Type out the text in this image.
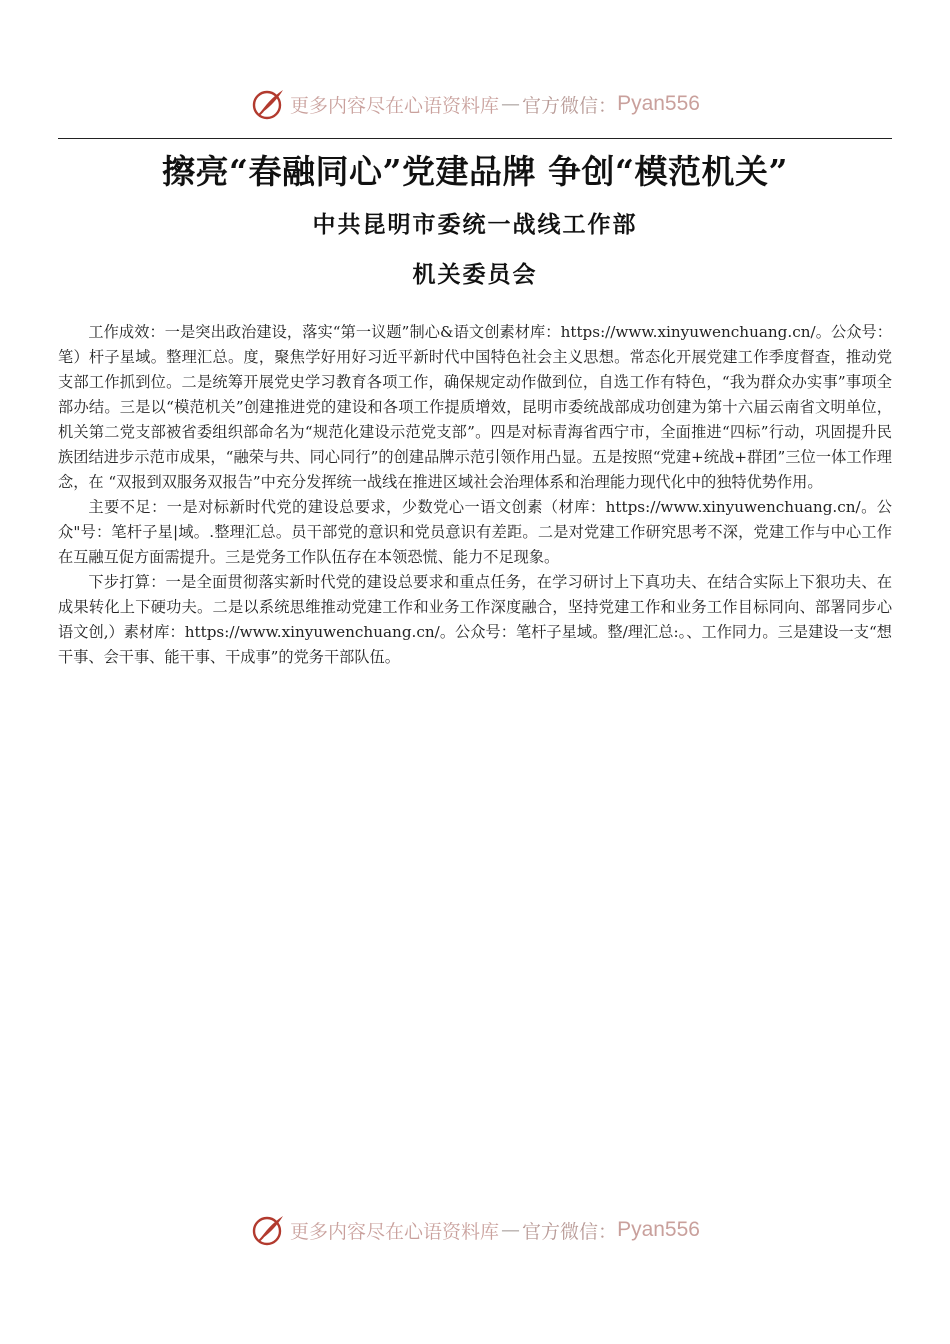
更多内容尽在心语资料库 — 官方微信： Pyan556
擦亮“春融同心”党建品牌 争创“模范机关”
中共昆明市委统一战线工作部
机关委员会

工作成效：一是突出政治建设，落实“第一议题”制心&语文创素材库：https://www.xinyuwenchuang.cn/。公众号：笔）杆子星域。整理汇总。度，聚焦学好用好习近平新时代中国特色社会主义思想。常态化开展党建工作季度督查，推动党支部工作抓到位。二是统筹开展党史学习教育各项工作，确保规定动作做到位，自选工作有特色，“我为群众办实事”事项全部办结。三是以“模范机关”创建推进党的建设和各项工作提质增效，昆明市委统战部成功创建为第十六届云南省文明单位，机关第二党支部被省委组织部命名为“规范化建设示范党支部”。四是对标青海省西宁市，全面推进“四标”行动，巩固提升民族团结进步示范市成果，“融荣与共、同心同行”的创建品牌示范引领作用凸显。五是按照“党建+统战+群团”三位一体工作理念，在 “双报到双服务双报告”中充分发挥统一战线在推进区域社会治理体系和治理能力现代化中的独特优势作用。

主要不足：一是对标新时代党的建设总要求，少数党心一语文创素（材库：https://www.xinyuwenchuang.cn/。公众"号：笔杆子星|域。.整理汇总。员干部党的意识和党员意识有差距。二是对党建工作研究思考不深，党建工作与中心工作在互融互促方面需提升。三是党务工作队伍存在本领恐慌、能力不足现象。

下步打算：一是全面贯彻落实新时代党的建设总要求和重点任务，在学习研讨上下真功夫、在结合实际上下狠功夫、在成果转化上下硬功夫。二是以系统思维推动党建工作和业务工作深度融合，坚持党建工作和业务工作目标同向、部署同步心语文创,）素材库：https://www.xinyuwenchuang.cn/。公众号：笔杆子星域。整/理汇总:。、工作同力。三是建设一支“想干事、会干事、能干事、干成事”的党务干部队伍。

更多内容尽在心语资料库 — 官方微信： Pyan556
